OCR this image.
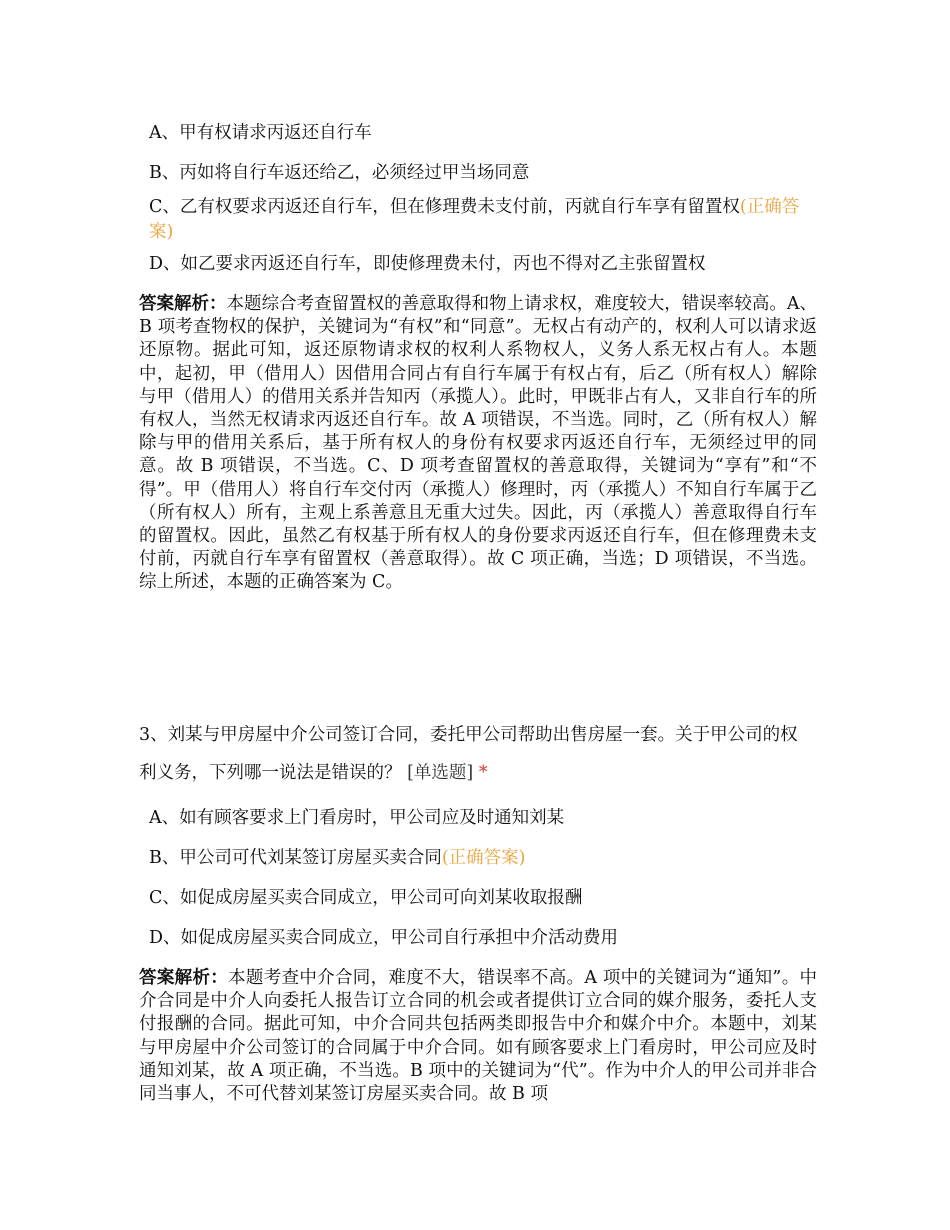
A、甲有权请求丙返还自行车
B、丙如将自行车返还给乙，必须经过甲当场同意
C、乙有权要求丙返还自行车，但在修理费未支付前，丙就自行车享有留置权(正确答案)
D、如乙要求丙返还自行车，即使修理费未付，丙也不得对乙主张留置权
答案解析：本题综合考查留置权的善意取得和物上请求权，难度较大，错误率较高。A、B 项考查物权的保护，关键词为“有权”和“同意”。无权占有动产的，权利人可以请求返还原物。据此可知，返还原物请求权的权利人系物权人，义务人系无权占有人。本题中，起初，甲（借用人）因借用合同占有自行车属于有权占有，后乙（所有权人）解除与甲（借用人）的借用关系并告知丙（承揽人）。此时，甲既非占有人，又非自行车的所有权人，当然无权请求丙返还自行车。故 A 项错误，不当选。同时，乙（所有权人）解除与甲的借用关系后，基于所有权人的身份有权要求丙返还自行车，无须经过甲的同意。故 B 项错误，不当选。C、D 项考查留置权的善意取得，关键词为“享有”和“不得”。甲（借用人）将自行车交付丙（承揽人）修理时，丙（承揽人）不知自行车属于乙（所有权人）所有，主观上系善意且无重大过失。因此，丙（承揽人）善意取得自行车的留置权。因此，虽然乙有权基于所有权人的身份要求丙返还自行车，但在修理费未支付前，丙就自行车享有留置权（善意取得）。故 C 项正确，当选；D 项错误，不当选。综上所述，本题的正确答案为 C。
3、刘某与甲房屋中介公司签订合同，委托甲公司帮助出售房屋一套。关于甲公司的权利义务，下列哪一说法是错误的？ [单选题] *
A、如有顾客要求上门看房时，甲公司应及时通知刘某
B、甲公司可代刘某签订房屋买卖合同(正确答案)
C、如促成房屋买卖合同成立，甲公司可向刘某收取报酬
D、如促成房屋买卖合同成立，甲公司自行承担中介活动费用
答案解析：本题考查中介合同，难度不大，错误率不高。A 项中的关键词为“通知”。中介合同是中介人向委托人报告订立合同的机会或者提供订立合同的媒介服务，委托人支付报酬的合同。据此可知，中介合同共包括两类即报告中介和媒介中介。本题中，刘某与甲房屋中介公司签订的合同属于中介合同。如有顾客要求上门看房时，甲公司应及时通知刘某，故 A 项正确，不当选。B 项中的关键词为“代”。作为中介人的甲公司并非合同当事人，不可代替刘某签订房屋买卖合同。故 B 项
